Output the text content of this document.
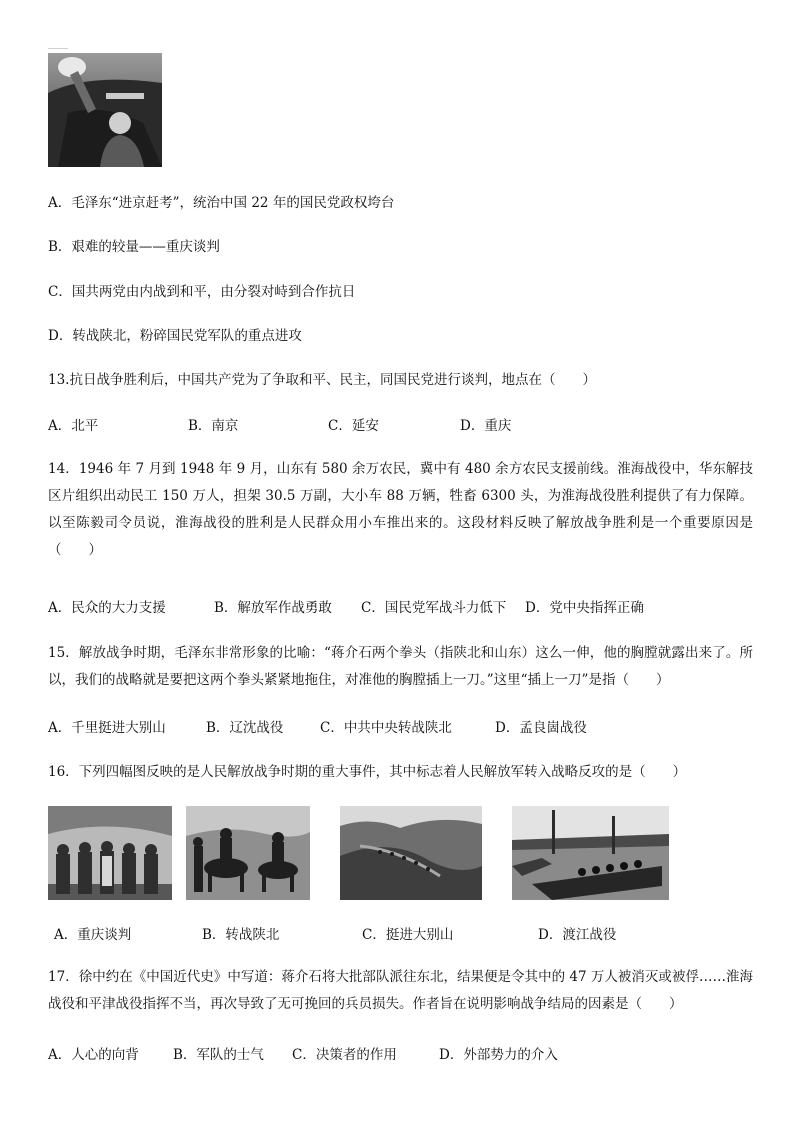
A．毛泽东“进京赶考”，统治中国 22 年的国民党政权垮台
B．艰难的较量——重庆谈判
C．国共两党由内战到和平，由分裂对峙到合作抗日
D．转战陕北，粉碎国民党军队的重点进攻
13.抗日战争胜利后，中国共产党为了争取和平、民主，同国民党进行谈判，地点在（　　）
A．北平	B．南京	C．延安	D．重庆
14．1946 年 7 月到 1948 年 9 月，山东有 580 余万农民，冀中有 480 余方农民支援前线。淮海战役中，华东解技区片组织出动民工 150 万人，担架 30.5 万副，大小车 88 万辆，牲畜 6300 头，为淮海战役胜利提供了有力保障。以至陈毅司令员说，淮海战役的胜利是人民群众用小车推出来的。这段材料反映了解放战争胜利是一个重要原因是（　　）
A．民众的大力支援	B．解放军作战勇敢 C．国民党军战斗力低下 D．党中央指挥正确
15．解放战争时期，毛泽东非常形象的比喻：“蒋介石两个拳头（指陕北和山东）这么一伸，他的胸膛就露出来了。所以，我们的战略就是要把这两个拳头紧紧地拖住，对准他的胸膛插上一刀。”这里“插上一刀”是指（　　）
A．千里挺进大别山	B．辽沈战役	C．中共中央转战陕北	D．孟良崮战役
16．下列四幅图反映的是人民解放战争时期的重大事件，其中标志着人民解放军转入战略反攻的是（　　）
A．重庆谈判	B．转战陕北	C．挺进大别山	D．渡江战役
17．徐中约在《中国近代史》中写道：蒋介石将大批部队派往东北，结果便是令其中的 47 万人被消灭或被俘……淮海战役和平津战役指挥不当，再次导致了无可挽回的兵员损失。作者旨在说明影响战争结局的因素是（　　）
A．人心的向背	B．军队的士气 C．决策者的作用	D．外部势力的介入
